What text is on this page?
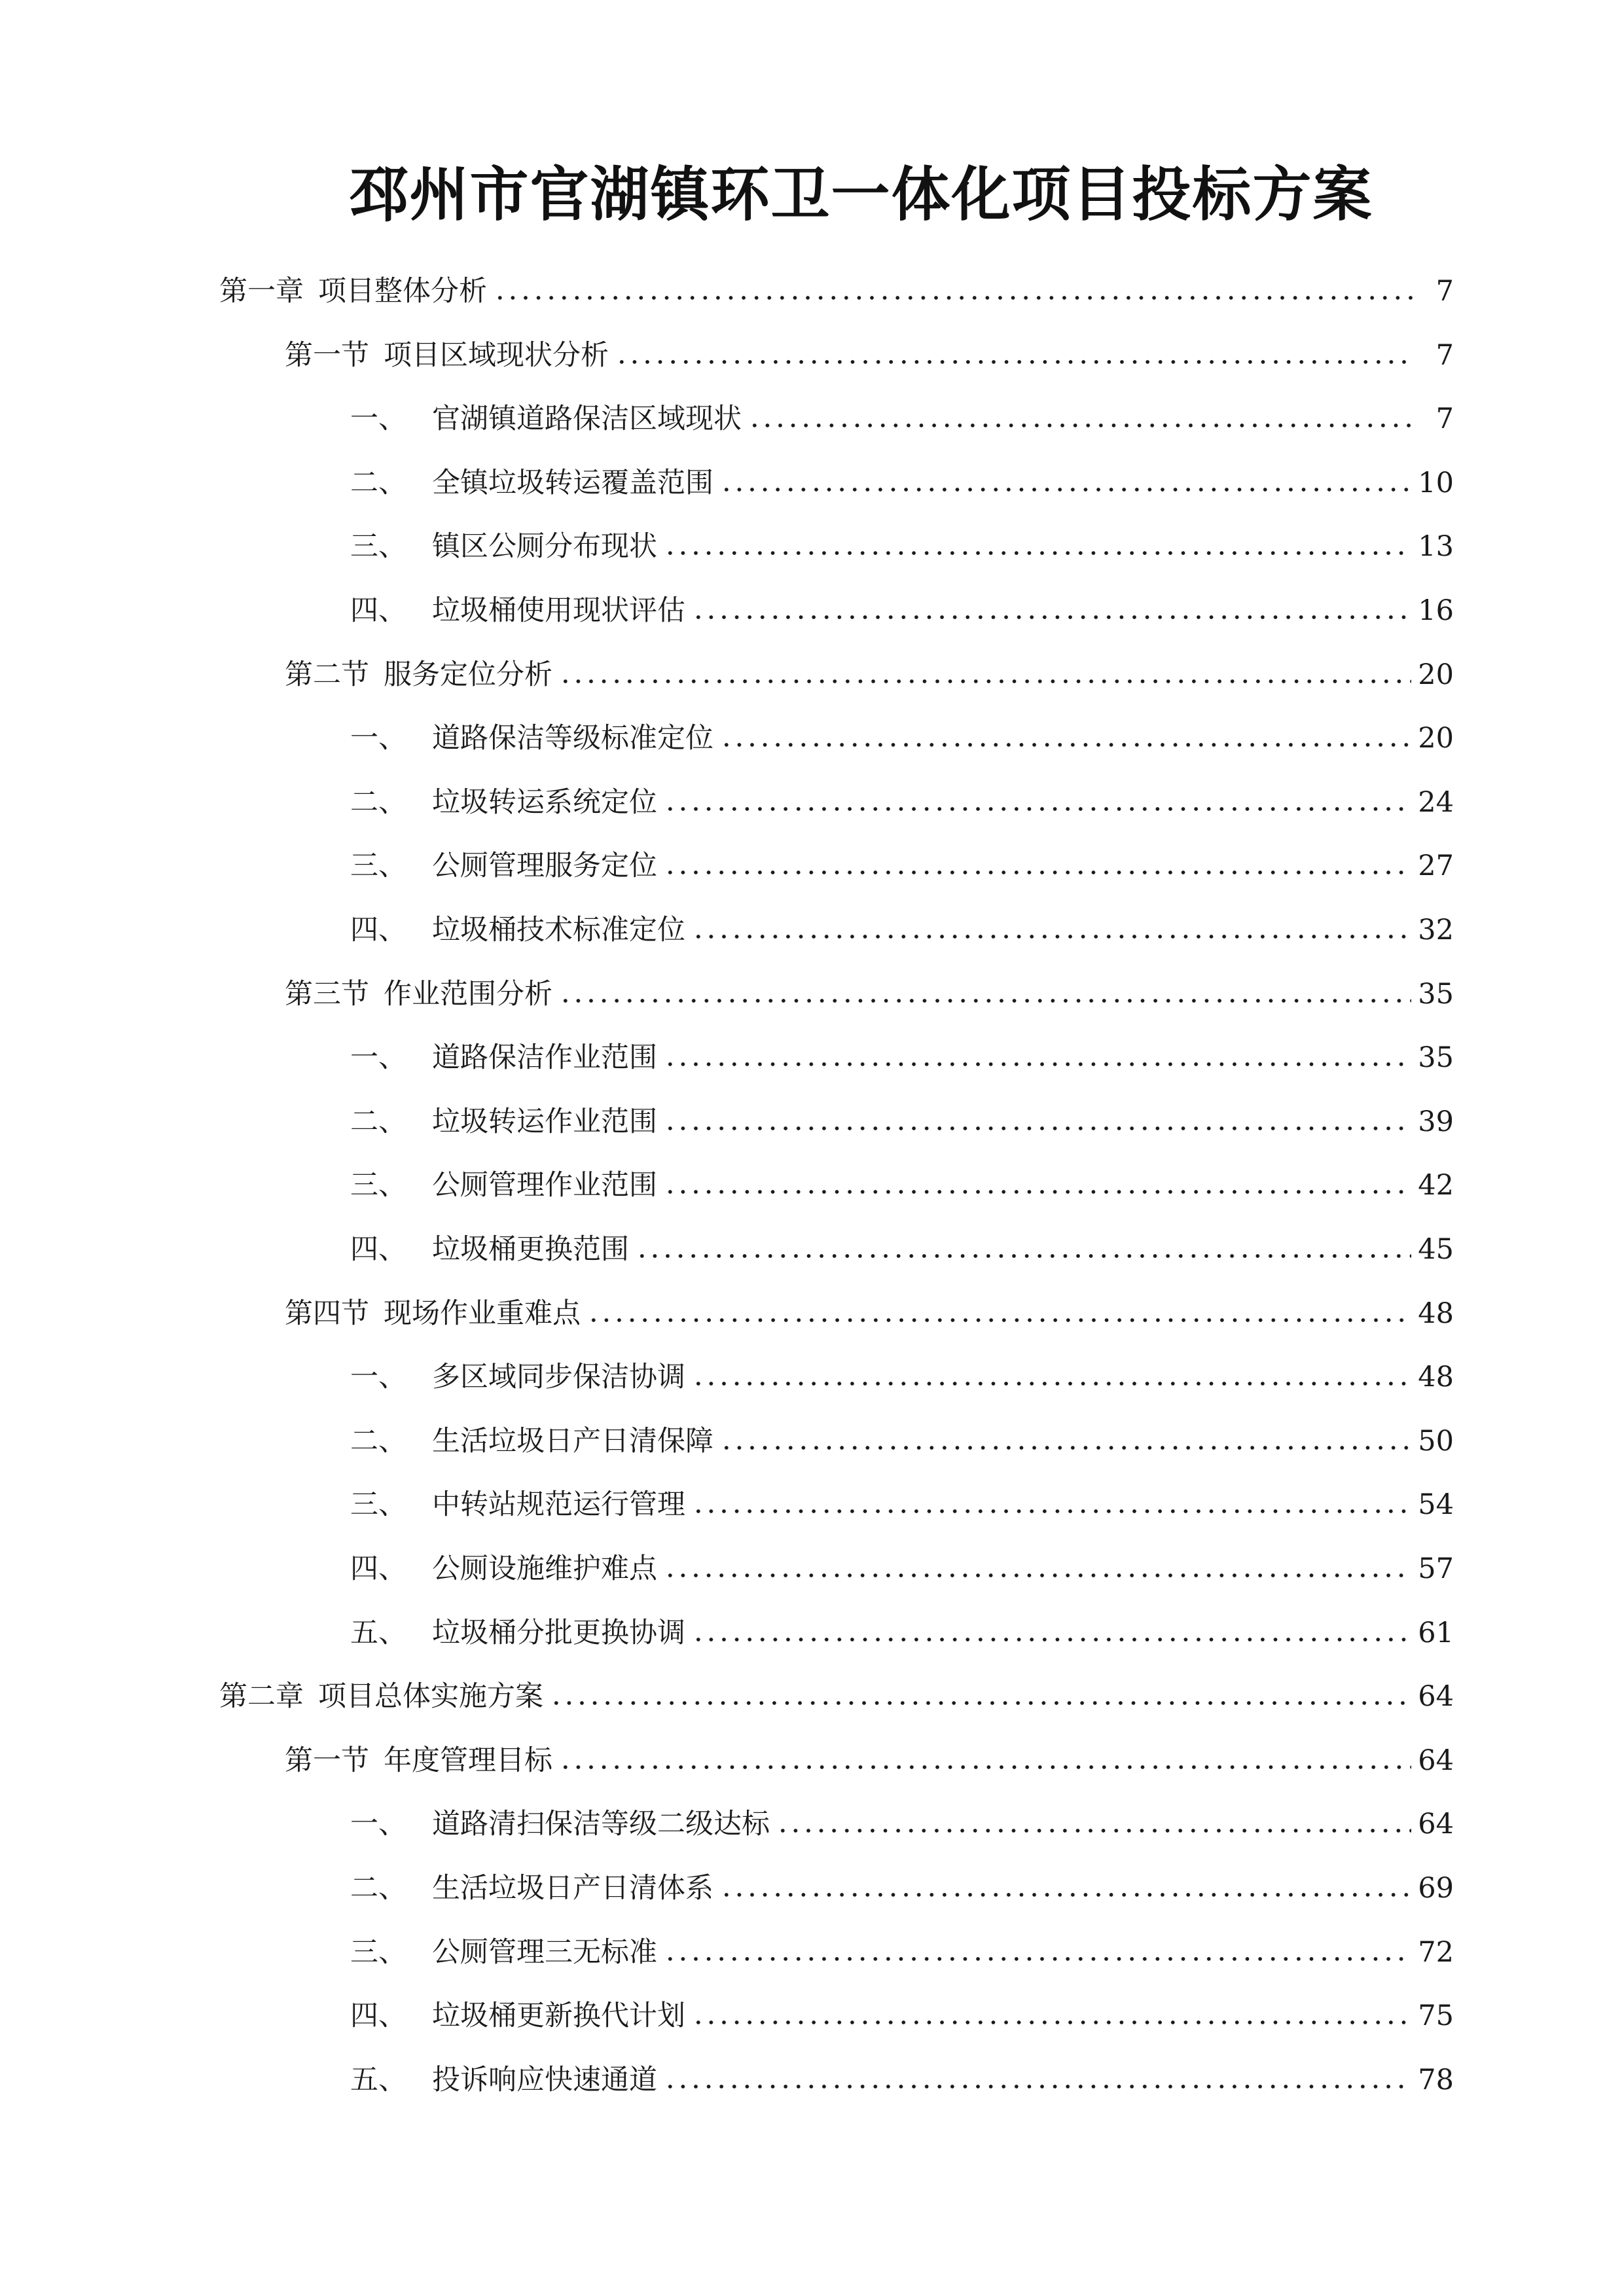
邳州市官湖镇环卫一体化项目投标方案
第一章 项目整体分析	7
第一节 项目区域现状分析	7
一、 官湖镇道路保洁区域现状	7
二、 全镇垃圾转运覆盖范围	10
三、 镇区公厕分布现状	13
四、 垃圾桶使用现状评估	16
第二节 服务定位分析	20
一、 道路保洁等级标准定位	20
二、 垃圾转运系统定位	24
三、 公厕管理服务定位	27
四、 垃圾桶技术标准定位	32
第三节 作业范围分析	35
一、 道路保洁作业范围	35
二、 垃圾转运作业范围	39
三、 公厕管理作业范围	42
四、 垃圾桶更换范围	45
第四节 现场作业重难点	48
一、 多区域同步保洁协调	48
二、 生活垃圾日产日清保障	50
三、 中转站规范运行管理	54
四、 公厕设施维护难点	57
五、 垃圾桶分批更换协调	61
第二章 项目总体实施方案	64
第一节 年度管理目标	64
一、 道路清扫保洁等级二级达标	64
二、 生活垃圾日产日清体系	69
三、 公厕管理三无标准	72
四、 垃圾桶更新换代计划	75
五、 投诉响应快速通道	78
